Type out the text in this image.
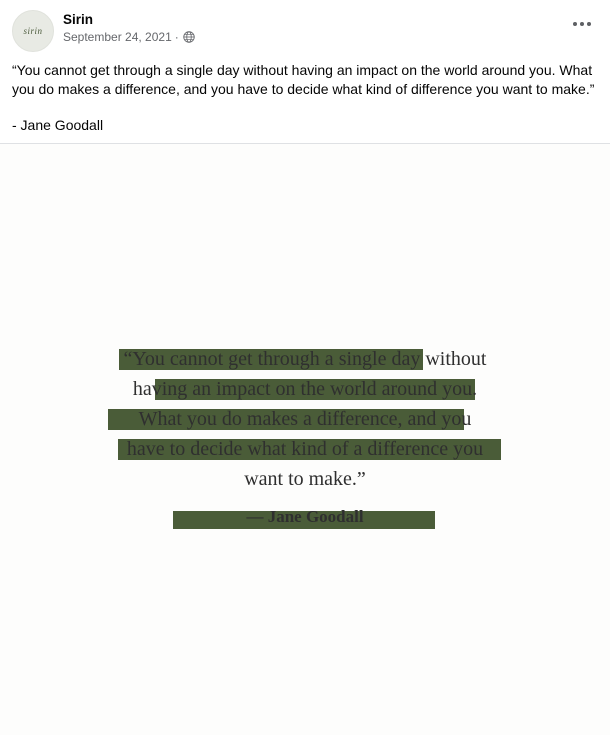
sirin
Sirin
September 24, 2021 ·

“You cannot get through a single day without having an impact on the world around you. What you do makes a difference, and you have to decide what kind of difference you want to make.”

- Jane Goodall

“You cannot get through a single day without
having an impact on the world around you.
What you do makes a difference, and you
have to decide what kind of a difference you
want to make.”
— Jane Goodall
